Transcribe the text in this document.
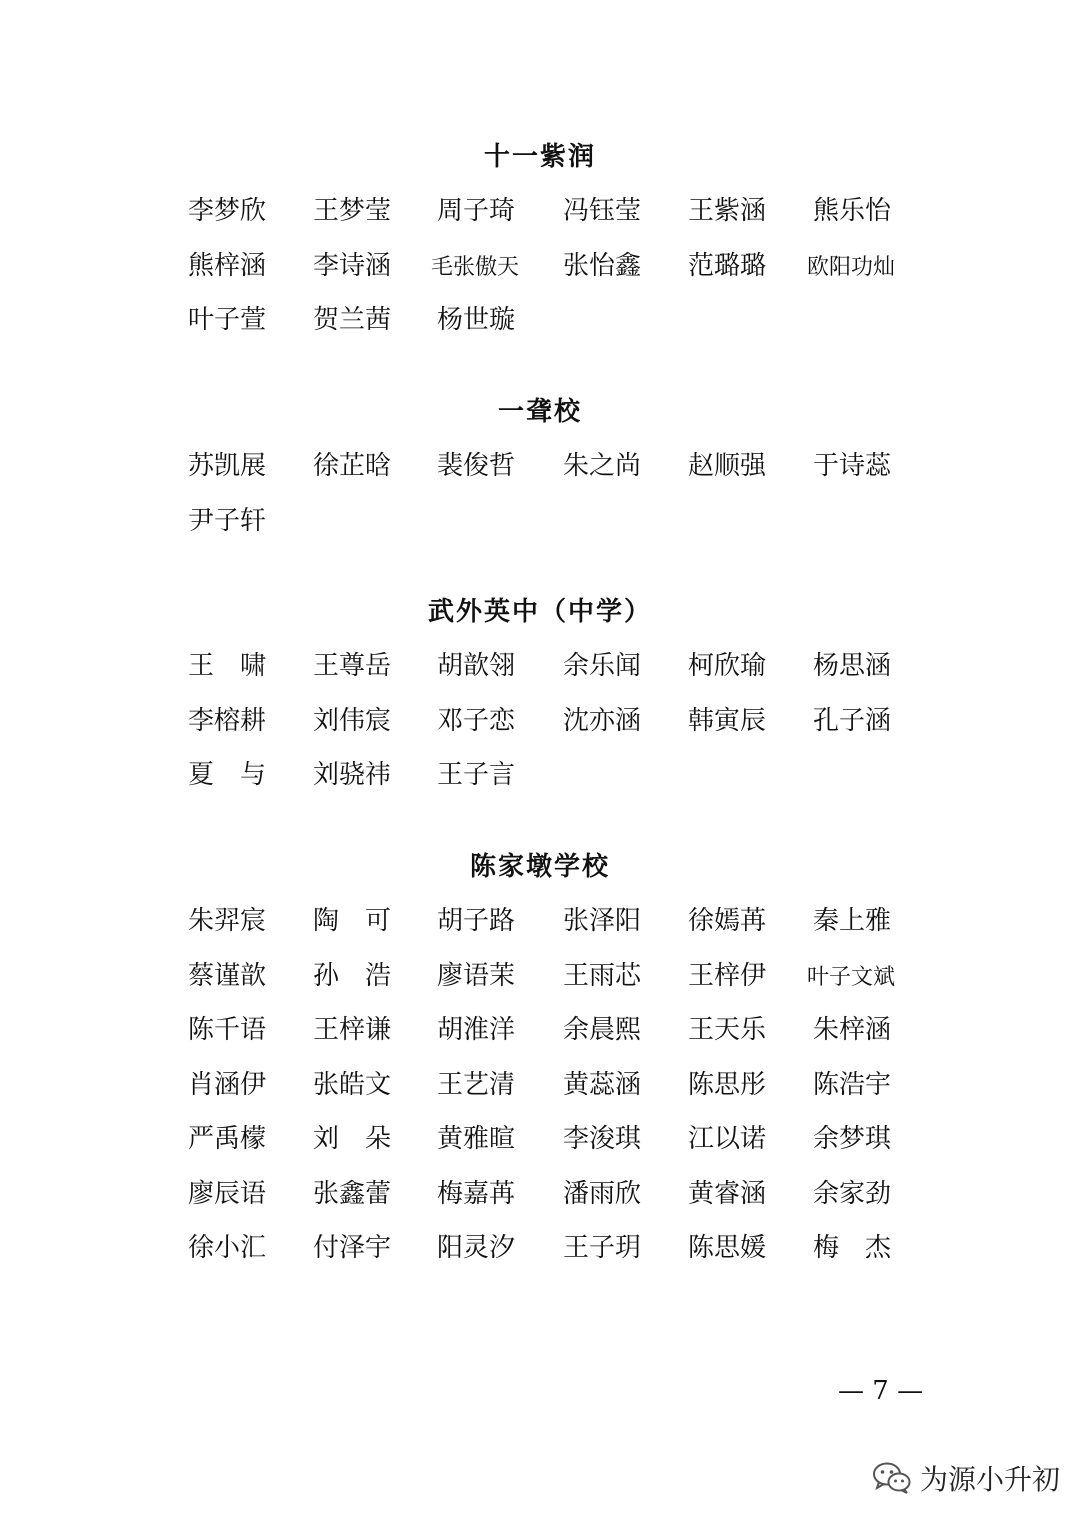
十一紫润
李梦欣 王梦莹 周子琦 冯钰莹 王紫涵 熊乐怡
熊梓涵 李诗涵 毛张傲天 张怡鑫 范璐璐 欧阳功灿
叶子萱 贺兰茜 杨世璇
一聋校
苏凯展 徐芷晗 裴俊哲 朱之尚 赵顺强 于诗蕊
尹子轩
武外英中（中学）
王　啸 王尊岳 胡歆翎 余乐闻 柯欣瑜 杨思涵
李榕耕 刘伟宸 邓子恋 沈亦涵 韩寅辰 孔子涵
夏　与 刘骁祎 王子言
陈家墩学校
朱羿宸 陶　可 胡子路 张泽阳 徐嫣苒 秦上雅
蔡谨歆 孙　浩 廖语茉 王雨芯 王梓伊 叶子文斌
陈千语 王梓谦 胡淮洋 余晨熙 王天乐 朱梓涵
肖涵伊 张皓文 王艺清 黄蕊涵 陈思彤 陈浩宇
严禹檬 刘　朵 黄雅暄 李浚琪 江以诺 余梦琪
廖辰语 张鑫蕾 梅嘉苒 潘雨欣 黄睿涵 余家劲
徐小汇 付泽宇 阳灵汐 王子玥 陈思媛 梅　杰
— 7 —
为源小升初
